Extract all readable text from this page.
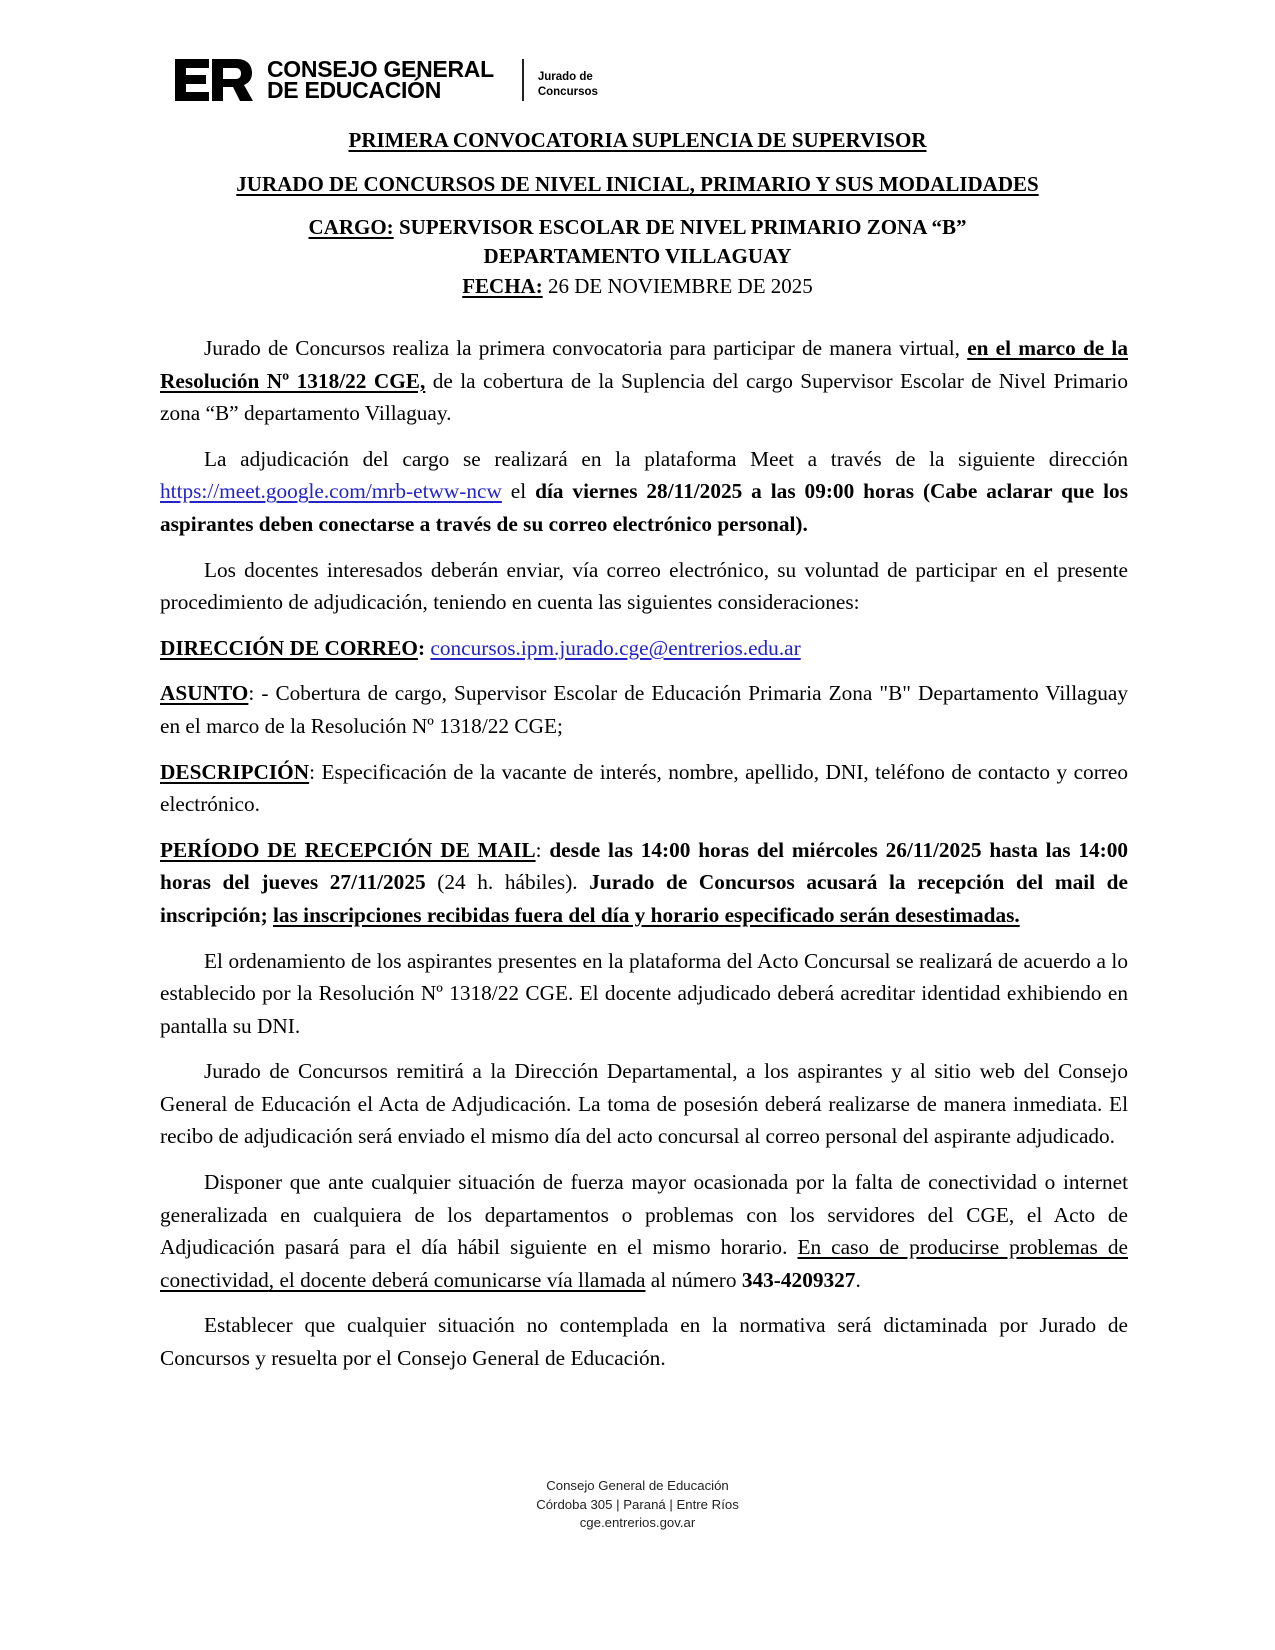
CONSEJO GENERAL
DE EDUCACIÓN	Jurado de
Concursos
PRIMERA CONVOCATORIA SUPLENCIA DE SUPERVISOR
JURADO DE CONCURSOS DE NIVEL INICIAL, PRIMARIO Y SUS MODALIDADES
CARGO: SUPERVISOR ESCOLAR DE NIVEL PRIMARIO ZONA “B”
DEPARTAMENTO VILLAGUAY
FECHA: 26 DE NOVIEMBRE DE 2025

Jurado de Concursos realiza la primera convocatoria para participar de manera virtual, en el marco de la Resolución Nº 1318/22 CGE, de la cobertura de la Suplencia del cargo Supervisor Escolar de Nivel Primario zona “B” departamento Villaguay.

La adjudicación del cargo se realizará en la plataforma Meet a través de la siguiente dirección https://meet.google.com/mrb-etww-ncw el día viernes 28/11/2025 a las 09:00 horas (Cabe aclarar que los aspirantes deben conectarse a través de su correo electrónico personal).

Los docentes interesados deberán enviar, vía correo electrónico, su voluntad de participar en el presente procedimiento de adjudicación, teniendo en cuenta las siguientes consideraciones:

DIRECCIÓN DE CORREO: concursos.ipm.jurado.cge@entrerios.edu.ar

ASUNTO: - Cobertura de cargo, Supervisor Escolar de Educación Primaria Zona "B" Departamento Villaguay en el marco de la Resolución Nº 1318/22 CGE;

DESCRIPCIÓN: Especificación de la vacante de interés, nombre, apellido, DNI, teléfono de contacto y correo electrónico.

PERÍODO DE RECEPCIÓN DE MAIL: desde las 14:00 horas del miércoles 26/11/2025 hasta las 14:00 horas del jueves 27/11/2025 (24 h. hábiles). Jurado de Concursos acusará la recepción del mail de inscripción; las inscripciones recibidas fuera del día y horario especificado serán desestimadas.

El ordenamiento de los aspirantes presentes en la plataforma del Acto Concursal se realizará de acuerdo a lo establecido por la Resolución Nº 1318/22 CGE. El docente adjudicado deberá acreditar identidad exhibiendo en pantalla su DNI.

Jurado de Concursos remitirá a la Dirección Departamental, a los aspirantes y al sitio web del Consejo General de Educación el Acta de Adjudicación. La toma de posesión deberá realizarse de manera inmediata. El recibo de adjudicación será enviado el mismo día del acto concursal al correo personal del aspirante adjudicado.

Disponer que ante cualquier situación de fuerza mayor ocasionada por la falta de conectividad o internet generalizada en cualquiera de los departamentos o problemas con los servidores del CGE, el Acto de Adjudicación pasará para el día hábil siguiente en el mismo horario. En caso de producirse problemas de conectividad, el docente deberá comunicarse vía llamada al número 343-4209327.

Establecer que cualquier situación no contemplada en la normativa será dictaminada por Jurado de Concursos y resuelta por el Consejo General de Educación.

Consejo General de Educación
Córdoba 305 | Paraná | Entre Ríos
cge.entrerios.gov.ar
